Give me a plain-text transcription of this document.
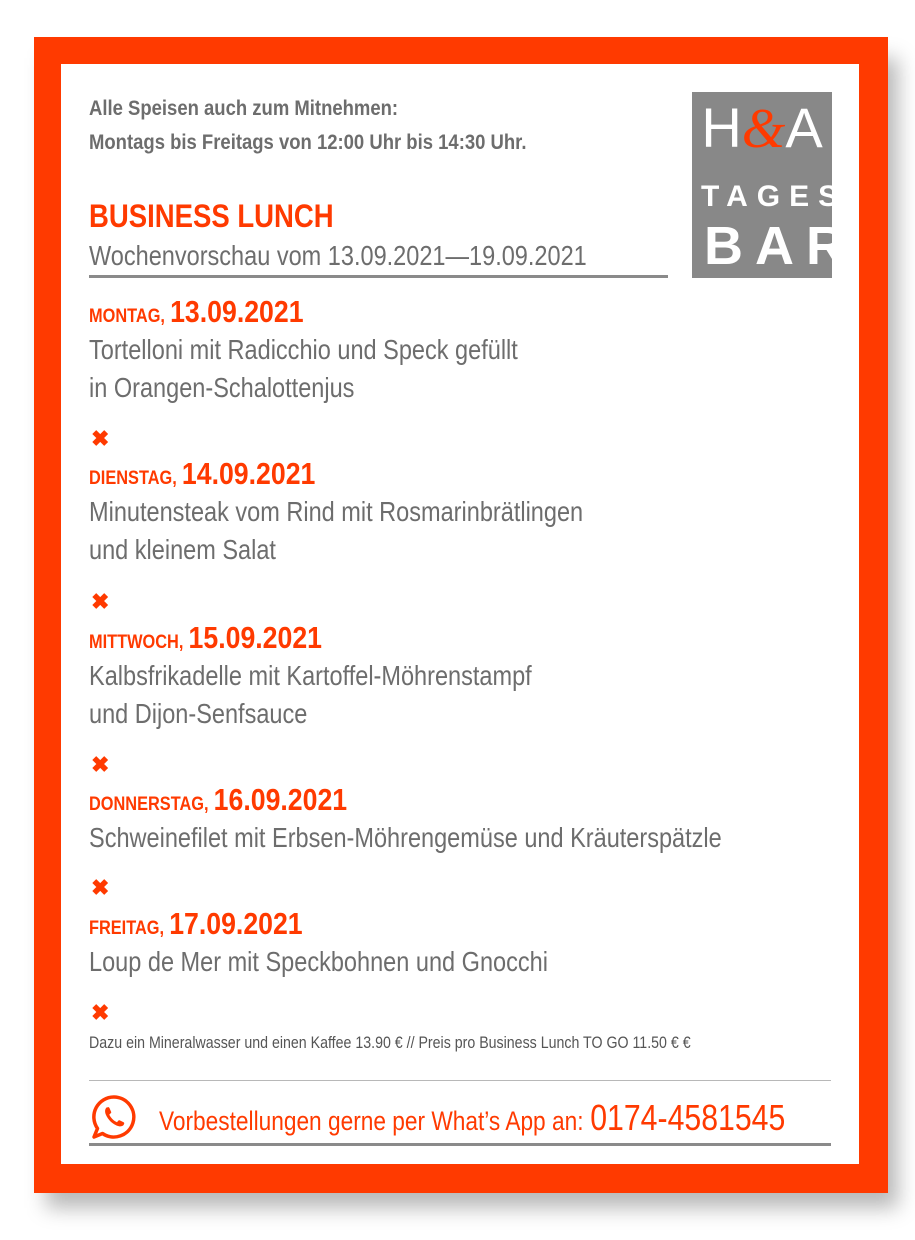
Alle Speisen auch zum Mitnehmen:
Montags bis Freitags von 12:00 Uhr bis 14:30 Uhr.	H&A
TAGES
BAR
BUSINESS LUNCH
Wochenvorschau vom 13.09.2021—19.09.2021
MONTAG, 13.09.2021
Tortelloni mit Radicchio und Speck gefüllt
in Orangen-Schalottenjus
✖
DIENSTAG, 14.09.2021
Minutensteak vom Rind mit Rosmarinbrätlingen
und kleinem Salat
✖
MITTWOCH, 15.09.2021
Kalbsfrikadelle mit Kartoffel-Möhrenstampf
und Dijon-Senfsauce
✖
DONNERSTAG, 16.09.2021
Schweinefilet mit Erbsen-Möhrengemüse und Kräuterspätzle
✖
FREITAG, 17.09.2021
Loup de Mer mit Speckbohnen und Gnocchi
✖
Dazu ein Mineralwasser und einen Kaffee 13.90 € // Preis pro Business Lunch TO GO 11.50 € €
Vorbestellungen gerne per What’s App an: 0174-4581545
